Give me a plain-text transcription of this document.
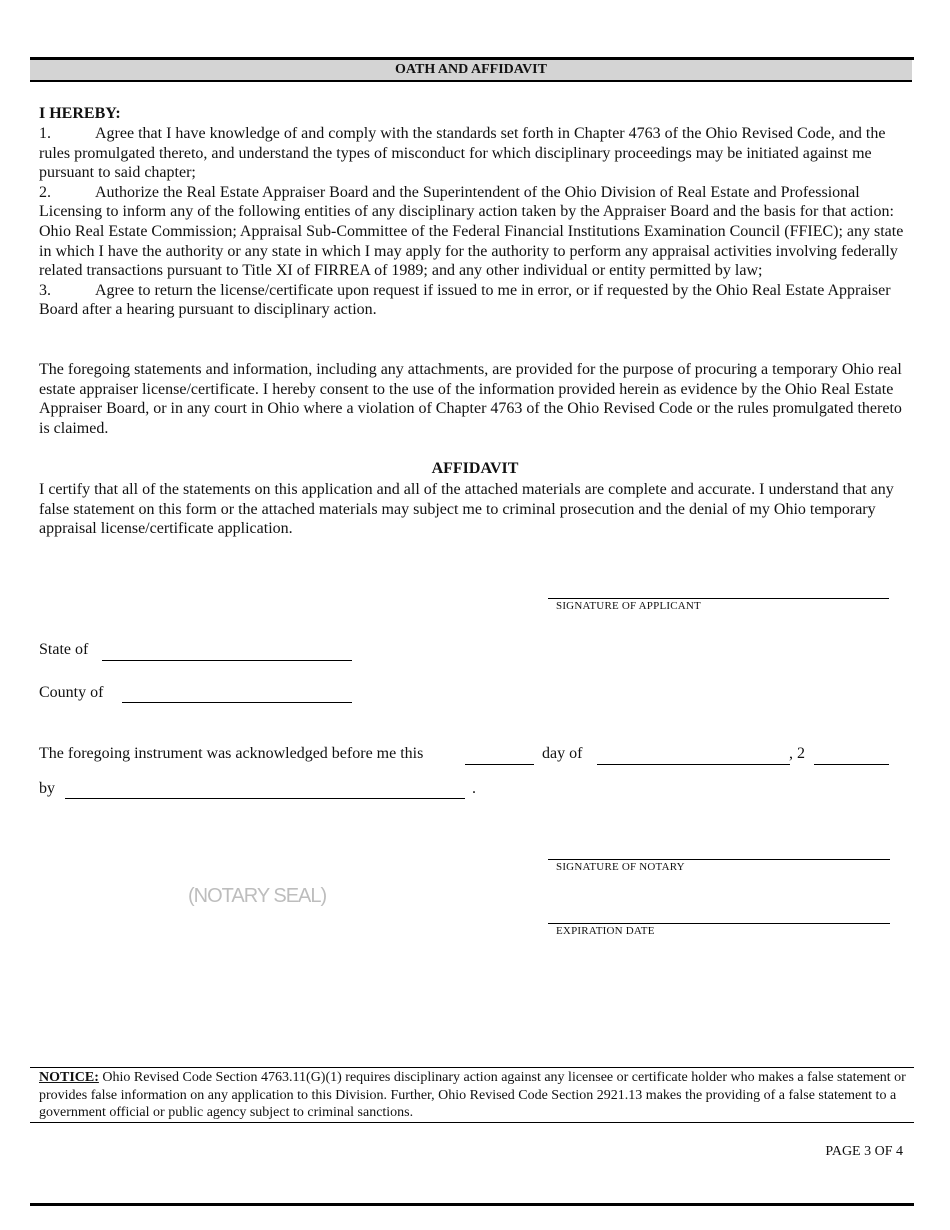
OATH AND AFFIDAVIT
I HEREBY:

1.	Agree that I have knowledge of and comply with the standards set forth in Chapter 4763 of the Ohio Revised Code, and the rules promulgated thereto, and understand the types of misconduct for which disciplinary proceedings may be initiated against me pursuant to said chapter;

2.	Authorize the Real Estate Appraiser Board and the Superintendent of the Ohio Division of Real Estate and Professional Licensing to inform any of the following entities of any disciplinary action taken by the Appraiser Board and the basis for that action: Ohio Real Estate Commission; Appraisal Sub-Committee of the Federal Financial Institutions Examination Council (FFIEC); any state in which I have the authority or any state in which I may apply for the authority to perform any appraisal activities involving federally related transactions pursuant to Title XI of FIRREA of 1989; and any other individual or entity permitted by law;

3.	Agree to return the license/certificate upon request if issued to me in error, or if requested by the Ohio Real Estate Appraiser Board after a hearing pursuant to disciplinary action.

The foregoing statements and information, including any attachments, are provided for the purpose of procuring a temporary Ohio real estate appraiser license/certificate. I hereby consent to the use of the information provided herein as evidence by the Ohio Real Estate Appraiser Board, or in any court in Ohio where a violation of Chapter 4763 of the Ohio Revised Code or the rules promulgated thereto is claimed.
AFFIDAVIT
I certify that all of the statements on this application and all of the attached materials are complete and accurate. I understand that any false statement on this form or the attached materials may subject me to criminal prosecution and the denial of my Ohio temporary appraisal license/certificate application.
SIGNATURE OF APPLICANT
State of
County of
The foregoing instrument was acknowledged before me this	day of	, 2
by	.
(NOTARY SEAL)
SIGNATURE OF NOTARY
EXPIRATION DATE
NOTICE: Ohio Revised Code Section 4763.11(G)(1) requires disciplinary action against any licensee or certificate holder who makes a false statement or provides false information on any application to this Division. Further, Ohio Revised Code Section 2921.13 makes the providing of a false statement to a government official or public agency subject to criminal sanctions.
PAGE 3 OF 4
